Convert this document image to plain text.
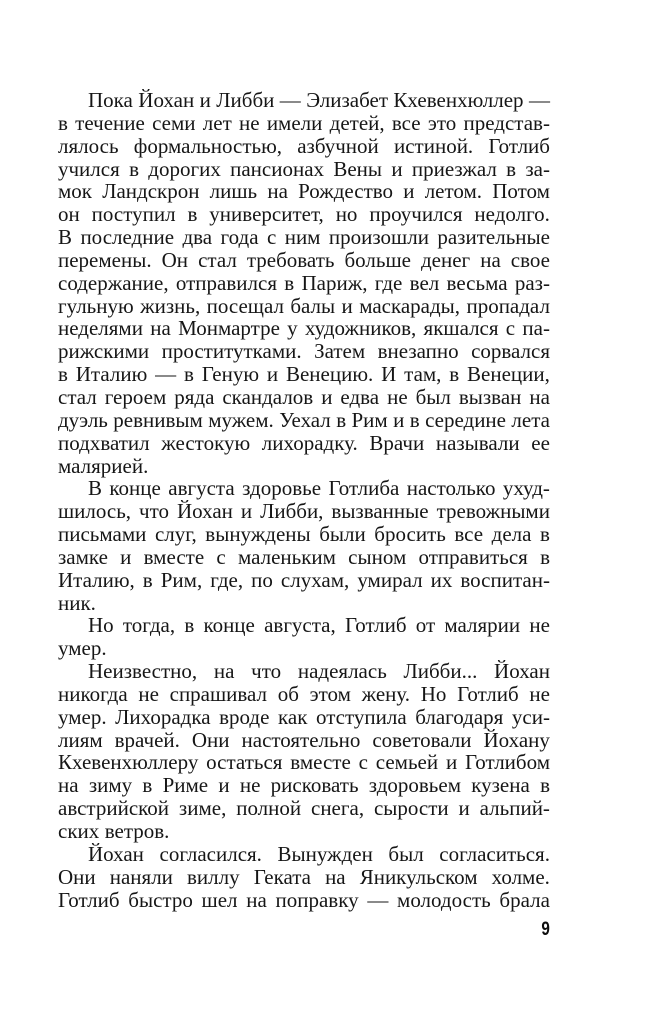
Пока Йохан и Либби — Элизабет Кхевенхюллер —
в течение семи лет не имели детей, все это представ-
лялось формальностью, азбучной истиной. Готлиб
учился в дорогих пансионах Вены и приезжал в за-
мок Ландскрон лишь на Рождество и летом. Потом
он поступил в университет, но проучился недолго.
В последние два года с ним произошли разительные
перемены. Он стал требовать больше денег на свое
содержание, отправился в Париж, где вел весьма раз-
гульную жизнь, посещал балы и маскарады, пропадал
неделями на Монмартре у художников, якшался с па-
рижскими проститутками. Затем внезапно сорвался
в Италию — в Геную и Венецию. И там, в Венеции,
стал героем ряда скандалов и едва не был вызван на
дуэль ревнивым мужем. Уехал в Рим и в середине лета
подхватил жестокую лихорадку. Врачи называли ее
малярией.
В конце августа здоровье Готлиба настолько ухуд-
шилось, что Йохан и Либби, вызванные тревожными
письмами слуг, вынуждены были бросить все дела в
замке и вместе с маленьким сыном отправиться в
Италию, в Рим, где, по слухам, умирал их воспитан-
ник.
Но тогда, в конце августа, Готлиб от малярии не
умер.
Неизвестно, на что надеялась Либби... Йохан
никогда не спрашивал об этом жену. Но Готлиб не
умер. Лихорадка вроде как отступила благодаря уси-
лиям врачей. Они настоятельно советовали Йохану
Кхевенхюллеру остаться вместе с семьей и Готлибом
на зиму в Риме и не рисковать здоровьем кузена в
австрийской зиме, полной снега, сырости и альпий-
ских ветров.
Йохан согласился. Вынужден был согласиться.
Они наняли виллу Геката на Яникульском холме.
Готлиб быстро шел на поправку — молодость брала
9
